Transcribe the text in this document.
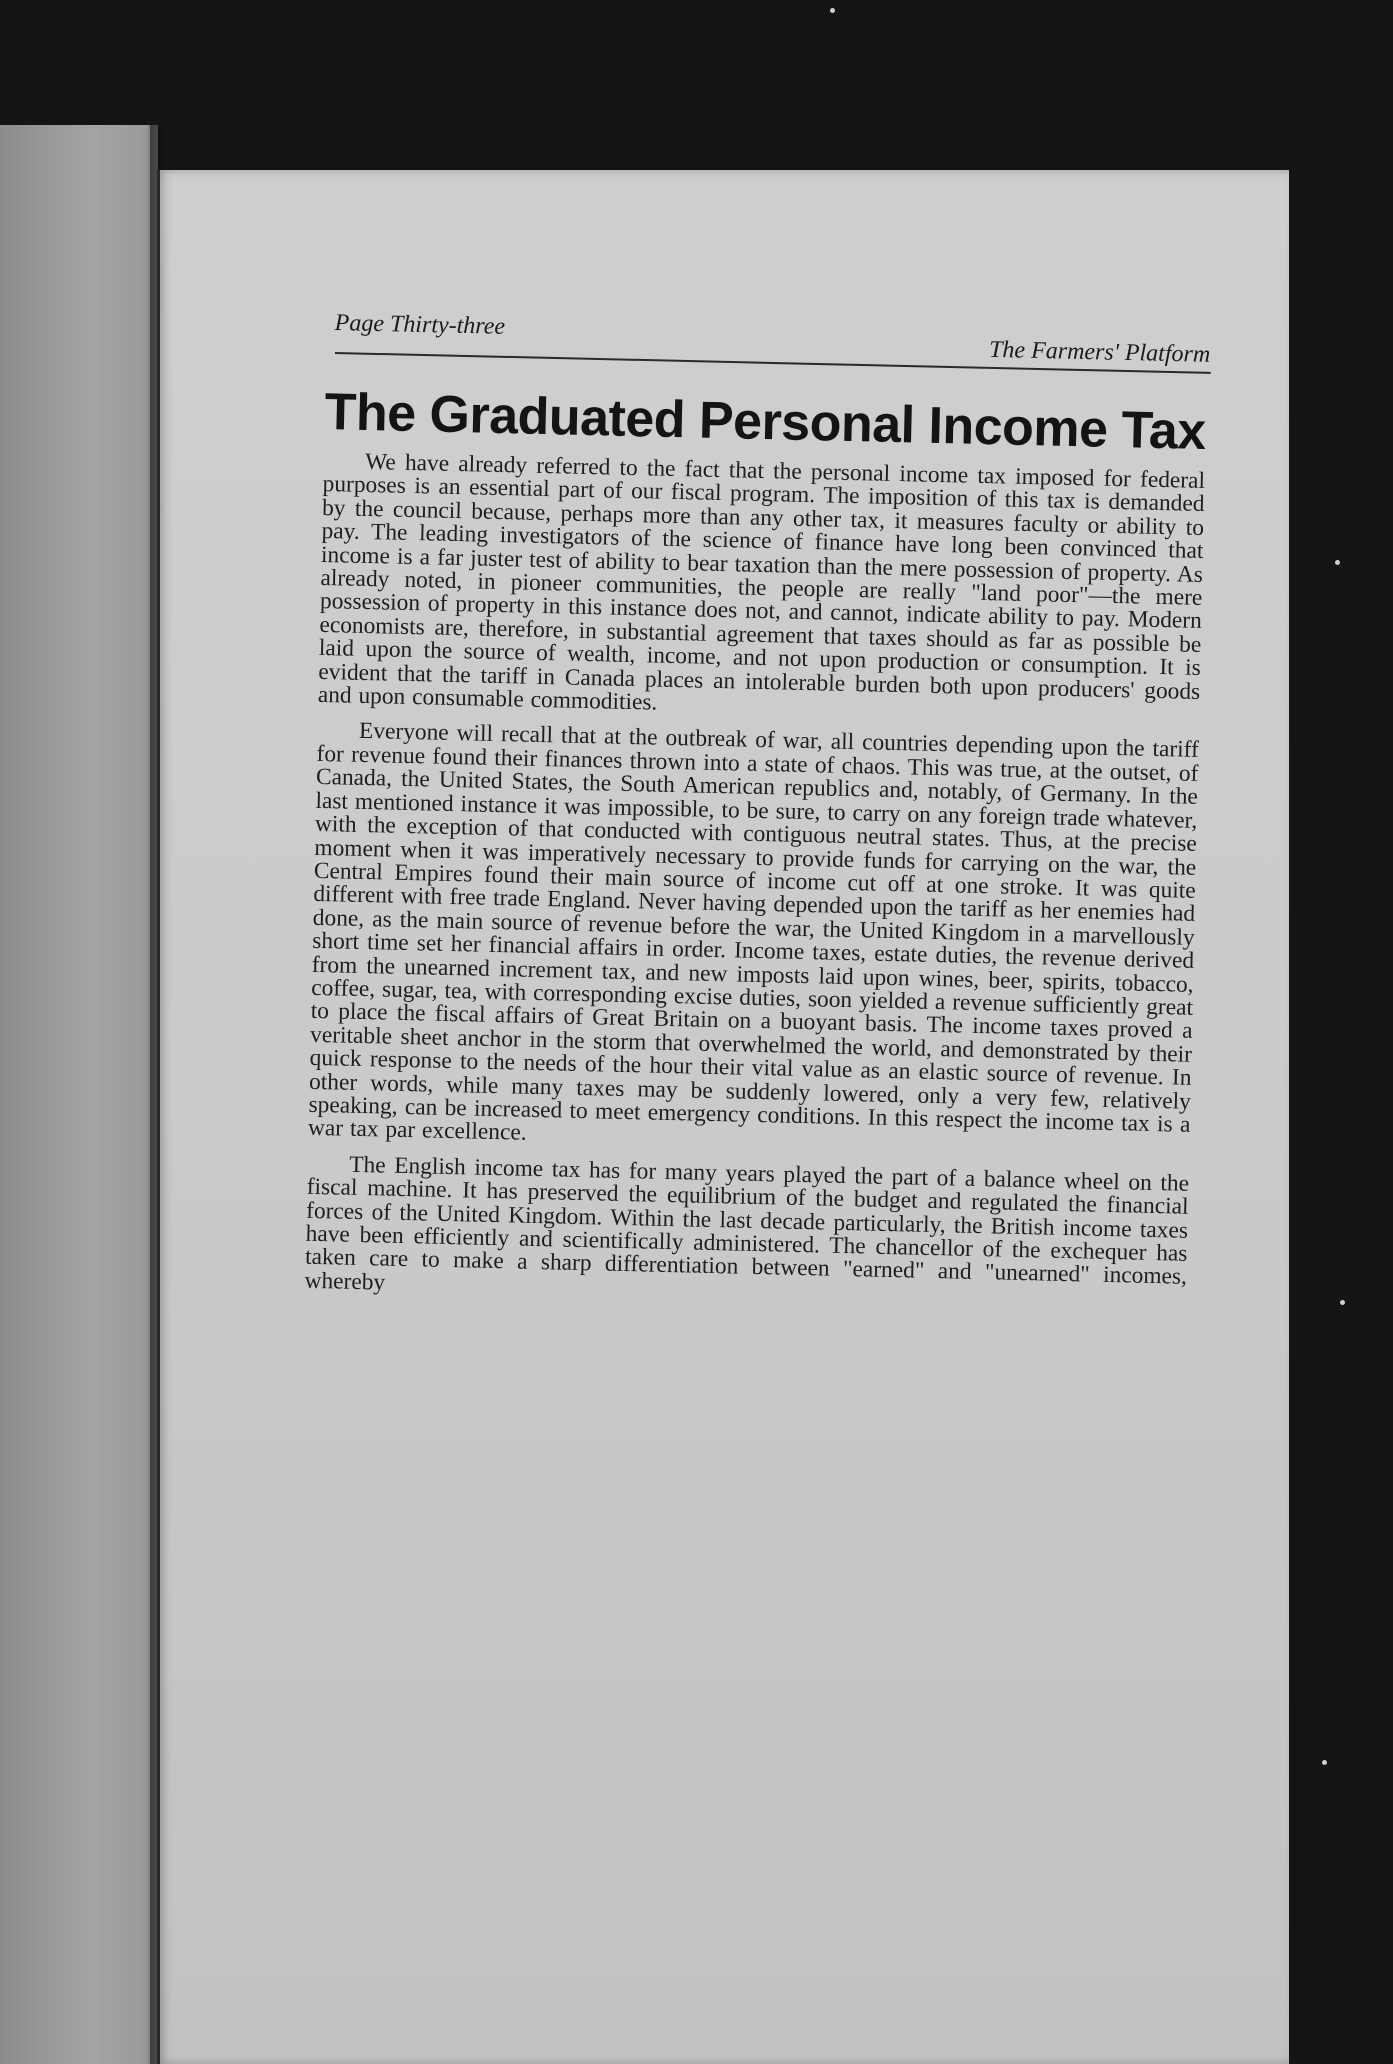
Page Thirty-three
The Farmers' Platform
The Graduated Personal Income Tax

We have already referred to the fact that the personal income tax imposed for federal purposes is an essential part of our fiscal program. The imposition of this tax is demanded by the council because, perhaps more than any other tax, it measures faculty or ability to pay. The leading investigators of the science of finance have long been convinced that income is a far juster test of ability to bear taxation than the mere possession of property. As already noted, in pioneer communities, the people are really "land poor"—the mere possession of property in this instance does not, and cannot, indicate ability to pay. Modern economists are, therefore, in substantial agreement that taxes should as far as possible be laid upon the source of wealth, income, and not upon production or consumption. It is evident that the tariff in Canada places an intolerable burden both upon producers' goods and upon consumable commodities.

Everyone will recall that at the outbreak of war, all countries depending upon the tariff for revenue found their finances thrown into a state of chaos. This was true, at the outset, of Canada, the United States, the South American republics and, notably, of Germany. In the last mentioned instance it was impossible, to be sure, to carry on any foreign trade whatever, with the exception of that conducted with contiguous neutral states. Thus, at the precise moment when it was imperatively necessary to provide funds for carrying on the war, the Central Empires found their main source of income cut off at one stroke. It was quite different with free trade England. Never having depended upon the tariff as her enemies had done, as the main source of revenue before the war, the United Kingdom in a marvellously short time set her financial affairs in order. Income taxes, estate duties, the revenue derived from the unearned increment tax, and new imposts laid upon wines, beer, spirits, tobacco, coffee, sugar, tea, with corresponding excise duties, soon yielded a revenue sufficiently great to place the fiscal affairs of Great Britain on a buoyant basis. The income taxes proved a veritable sheet anchor in the storm that overwhelmed the world, and demonstrated by their quick response to the needs of the hour their vital value as an elastic source of revenue. In other words, while many taxes may be suddenly lowered, only a very few, relatively speaking, can be increased to meet emergency conditions. In this respect the income tax is a war tax par excellence.

The English income tax has for many years played the part of a balance wheel on the fiscal machine. It has preserved the equilibrium of the budget and regulated the financial forces of the United Kingdom. Within the last decade particularly, the British income taxes have been efficiently and scientifically administered. The chancellor of the exchequer has taken care to make a sharp differentiation between "earned" and "unearned" incomes, whereby
